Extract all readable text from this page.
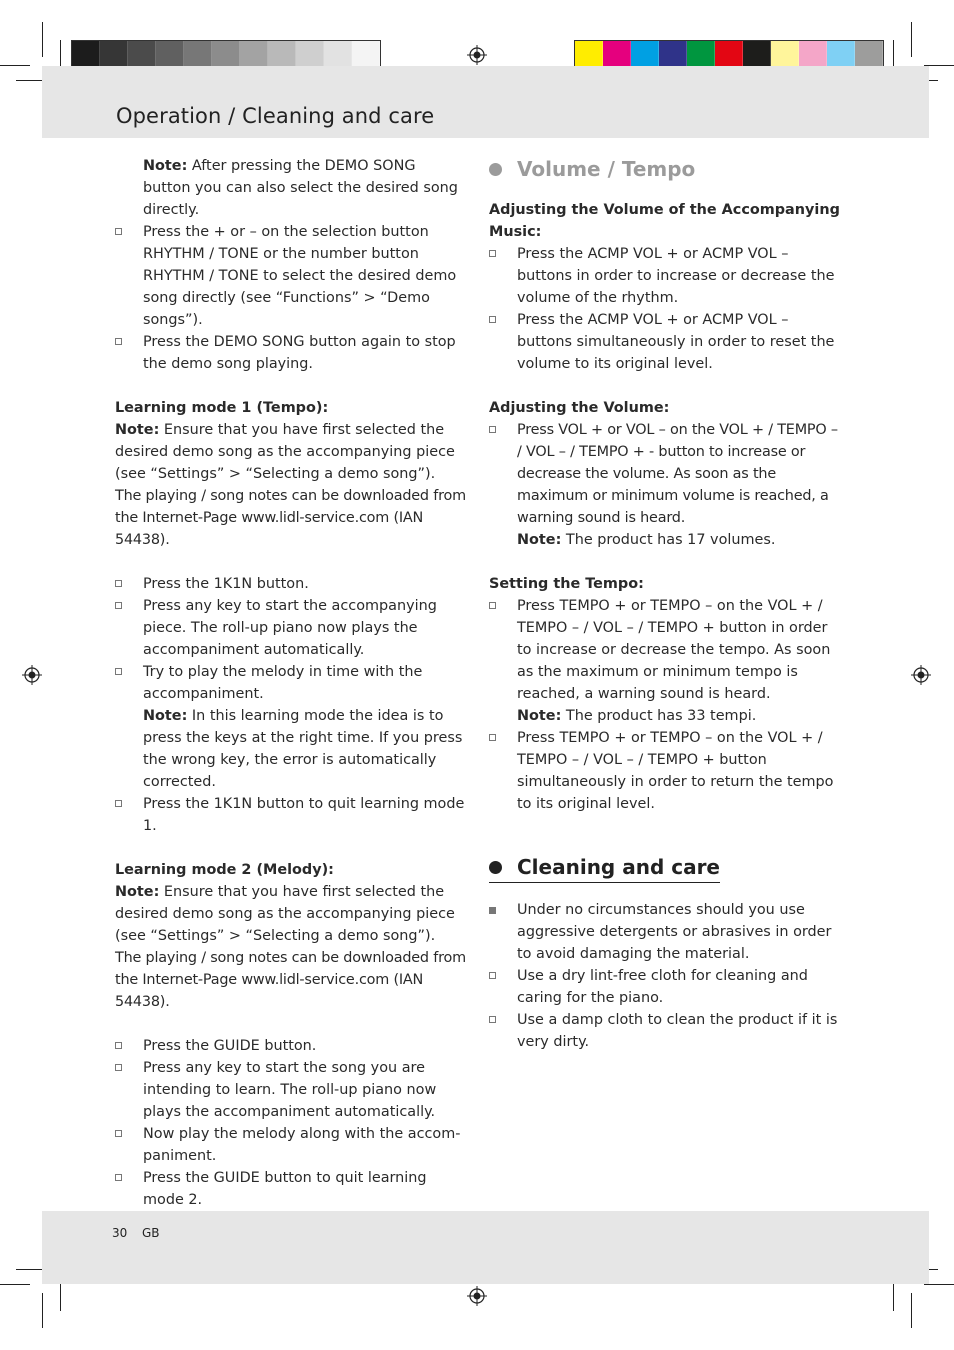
Operation / Cleaning and care
30 GB

Note: After pressing the DEMO SONG button you can also select the desired song directly.

Press the + or – on the selection button RHYTHM / TONE or the number button RHYTHM / TONE to select the desired demo song directly (see “Functions” > “Demo songs”).

Press the DEMO SONG button again to stop the demo song playing.

Learning mode 1 (Tempo):

Note: Ensure that you have first selected the desired demo song as the accompanying piece (see “Settings” > “Selecting a demo song”).

The playing / song notes can be downloaded from the Internet-Page www.lidl-service.com (IAN 54438).

Press the 1K1N button.

Press any key to start the accompanying piece. The roll-up piano now plays the accompaniment automatically.

Try to play the melody in time with the accompaniment.

Note: In this learning mode the idea is to press the keys at the right time. If you press the wrong key, the error is automatically corrected.

Press the 1K1N button to quit learning mode 1.

Learning mode 2 (Melody):

Note: Ensure that you have first selected the desired demo song as the accompanying piece (see “Settings” > “Selecting a demo song”).

The playing / song notes can be downloaded from the Internet-Page www.lidl-service.com (IAN 54438).

Press the GUIDE button.

Press any key to start the song you are intending to learn. The roll-up piano now plays the accompaniment automatically.

Now play the melody along with the accompaniment.

Press the GUIDE button to quit learning mode 2.

Volume / Tempo

Adjusting the Volume of the Accompanying Music:

Press the ACMP VOL + or ACMP VOL – buttons in order to increase or decrease the volume of the rhythm.

Press the ACMP VOL + or ACMP VOL – buttons simultaneously in order to reset the volume to its original level.

Adjusting the Volume:

Press VOL + or VOL – on the VOL + / TEMPO – / VOL – / TEMPO + - button to increase or decrease the volume. As soon as the maximum or minimum volume is reached, a warning sound is heard.

Note: The product has 17 volumes.

Setting the Tempo:

Press TEMPO + or TEMPO – on the VOL + / TEMPO – / VOL – / TEMPO + button in order to increase or decrease the tempo. As soon as the maximum or minimum tempo is reached, a warning sound is heard.

Note: The product has 33 tempi.

Press TEMPO + or TEMPO – on the VOL + / TEMPO – / VOL – / TEMPO + button simultaneously in order to return the tempo to its original level.

Cleaning and care

Under no circumstances should you use aggressive detergents or abrasives in order to avoid damaging the material.

Use a dry lint-free cloth for cleaning and caring for the piano.

Use a damp cloth to clean the product if it is very dirty.
